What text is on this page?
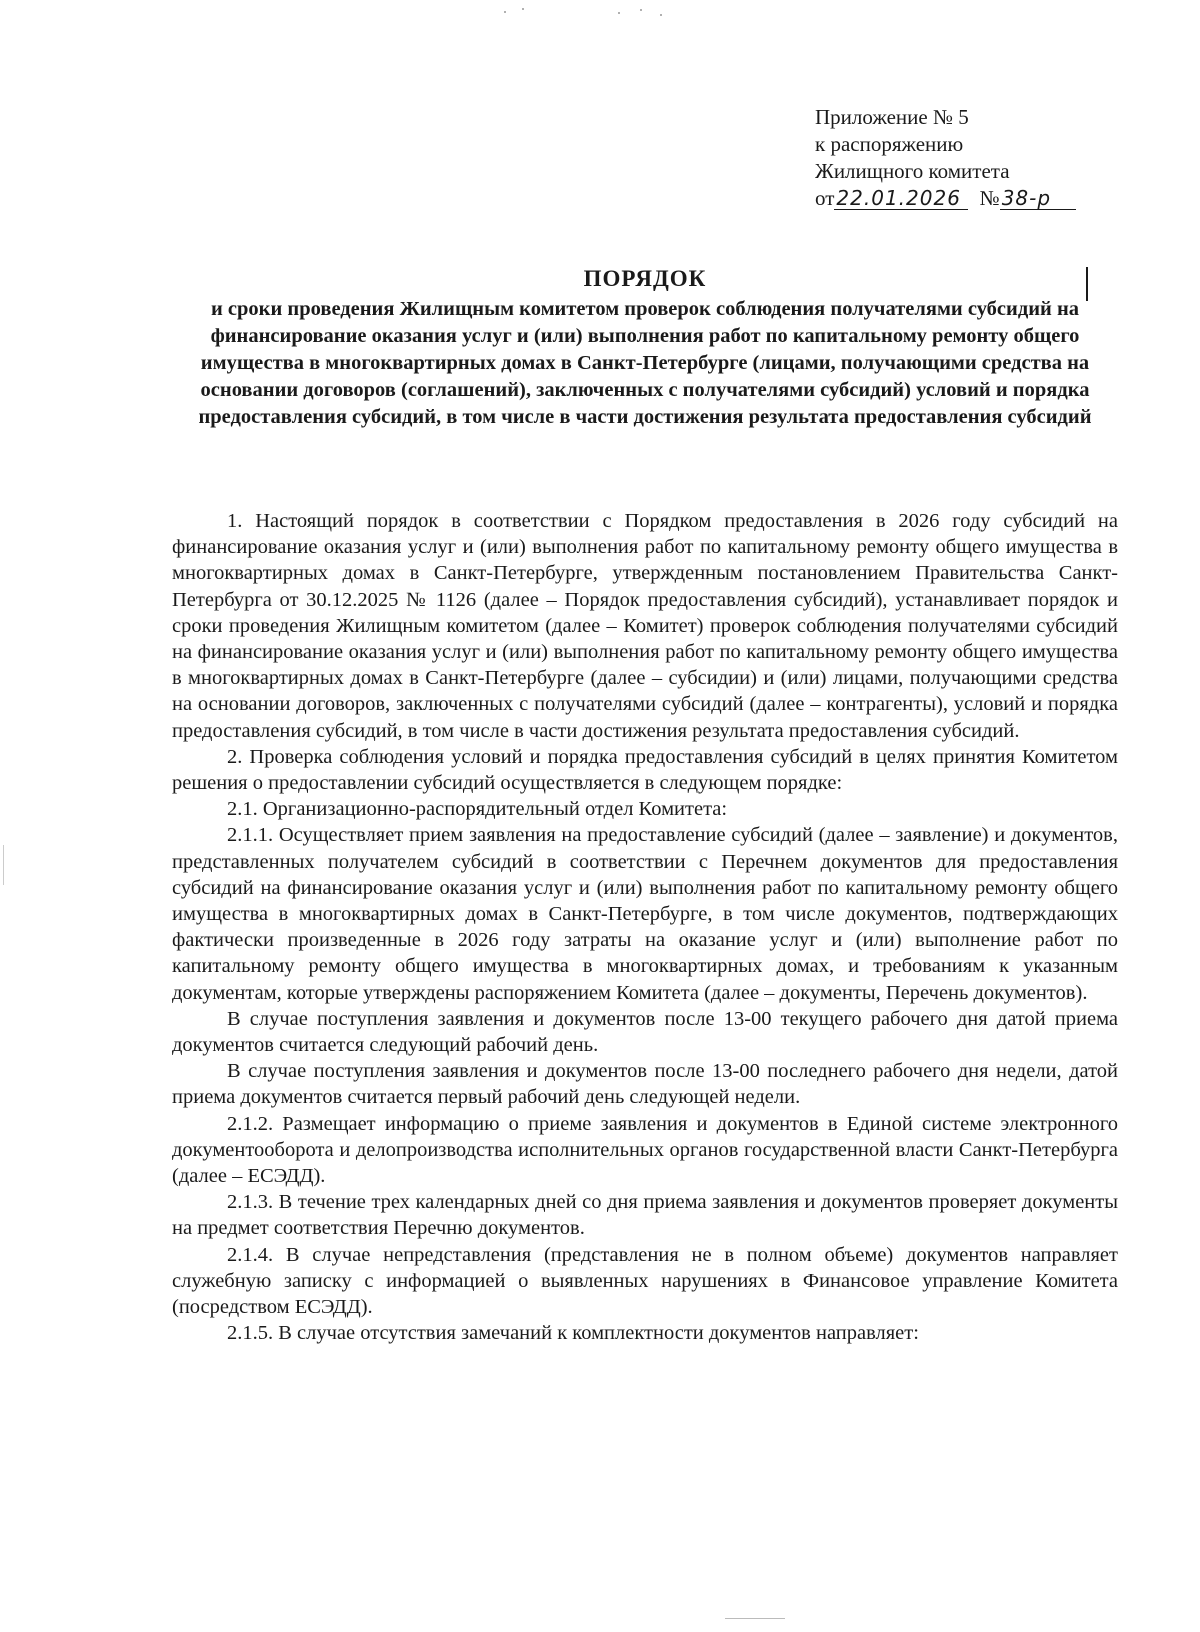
Приложение № 5
к распоряжению
Жилищного комитета
от 22.01.2026 № 38-р
ПОРЯДОК
и сроки проведения Жилищным комитетом проверок соблюдения получателями субсидий на финансирование оказания услуг и (или) выполнения работ по капитальному ремонту общего имущества в многоквартирных домах в Санкт-Петербурге (лицами, получающими средства на основании договоров (соглашений), заключенных с получателями субсидий) условий и порядка предоставления субсидий, в том числе в части достижения результата предоставления субсидий

1. Настоящий порядок в соответствии с Порядком предоставления в 2026 году субсидий на финансирование оказания услуг и (или) выполнения работ по капитальному ремонту общего имущества в многоквартирных домах в Санкт-Петербурге, утвержденным постановлением Правительства Санкт-Петербурга от 30.12.2025 № 1126 (далее – Порядок предоставления субсидий), устанавливает порядок и сроки проведения Жилищным комитетом (далее – Комитет) проверок соблюдения получателями субсидий на финансирование оказания услуг и (или) выполнения работ по капитальному ремонту общего имущества в многоквартирных домах в Санкт-Петербурге (далее – субсидии) и (или) лицами, получающими средства на основании договоров, заключенных с получателями субсидий (далее – контрагенты), условий и порядка предоставления субсидий, в том числе в части достижения результата предоставления субсидий.

2. Проверка соблюдения условий и порядка предоставления субсидий в целях принятия Комитетом решения о предоставлении субсидий осуществляется в следующем порядке:

2.1. Организационно-распорядительный отдел Комитета:

2.1.1. Осуществляет прием заявления на предоставление субсидий (далее – заявление) и документов, представленных получателем субсидий в соответствии с Перечнем документов для предоставления субсидий на финансирование оказания услуг и (или) выполнения работ по капитальному ремонту общего имущества в многоквартирных домах в Санкт-Петербурге, в том числе документов, подтверждающих фактически произведенные в 2026 году затраты на оказание услуг и (или) выполнение работ по капитальному ремонту общего имущества в многоквартирных домах, и требованиям к указанным документам, которые утверждены распоряжением Комитета (далее – документы, Перечень документов).

В случае поступления заявления и документов после 13-00 текущего рабочего дня датой приема документов считается следующий рабочий день.

В случае поступления заявления и документов после 13-00 последнего рабочего дня недели, датой приема документов считается первый рабочий день следующей недели.

2.1.2. Размещает информацию о приеме заявления и документов в Единой системе электронного документооборота и делопроизводства исполнительных органов государственной власти Санкт-Петербурга (далее – ЕСЭДД).

2.1.3. В течение трех календарных дней со дня приема заявления и документов проверяет документы на предмет соответствия Перечню документов.

2.1.4. В случае непредставления (представления не в полном объеме) документов направляет служебную записку с информацией о выявленных нарушениях в Финансовое управление Комитета (посредством ЕСЭДД).

2.1.5. В случае отсутствия замечаний к комплектности документов направляет:
